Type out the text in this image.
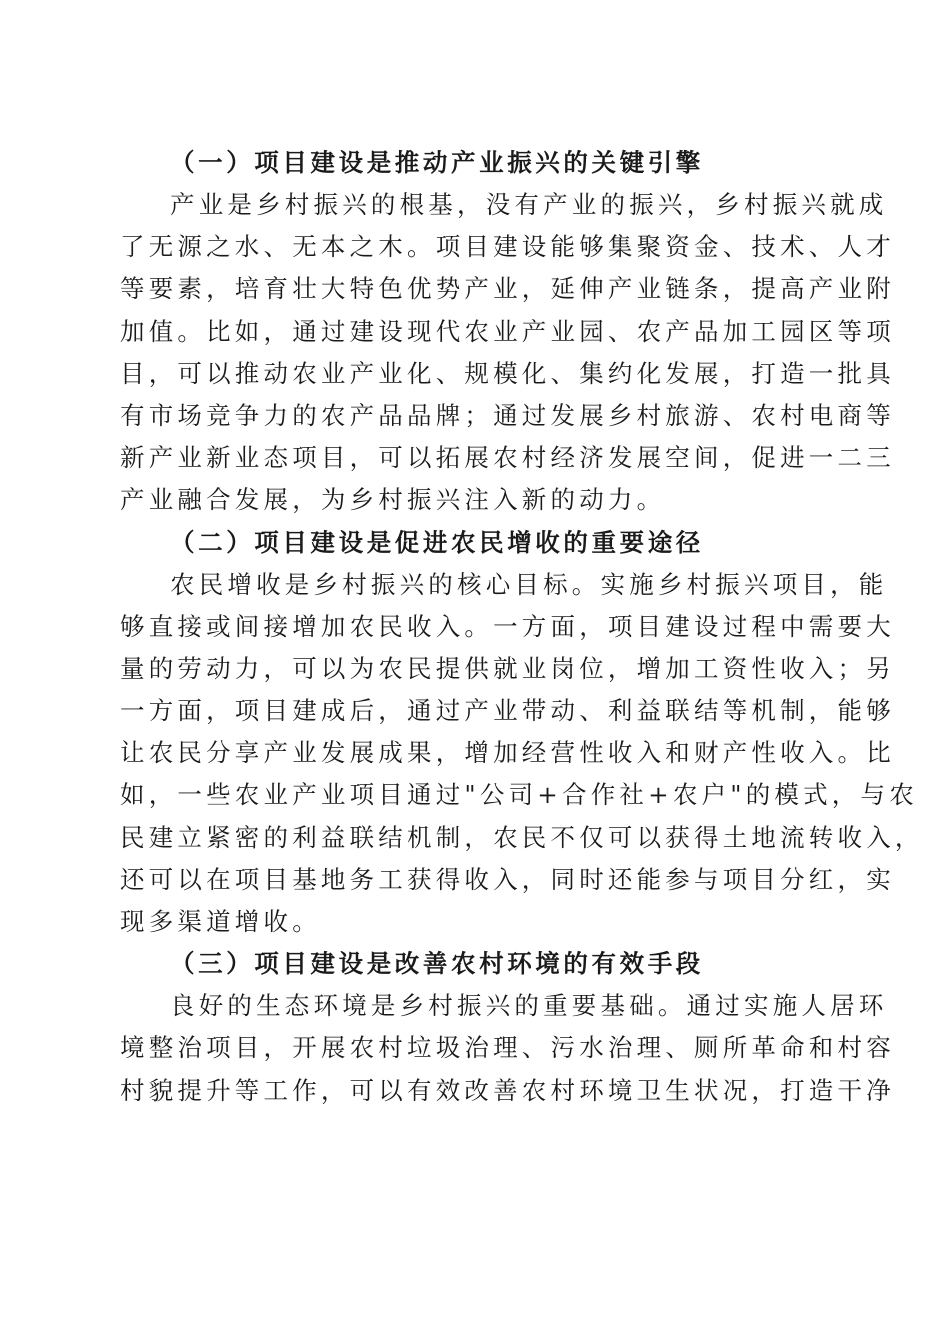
（一）项目建设是推动产业振兴的关键引擎

产业是乡村振兴的根基，没有产业的振兴，乡村振兴就成

了无源之水、无本之木。项目建设能够集聚资金、技术、人才

等要素，培育壮大特色优势产业，延伸产业链条，提高产业附

加值。比如，通过建设现代农业产业园、农产品加工园区等项

目，可以推动农业产业化、规模化、集约化发展，打造一批具

有市场竞争力的农产品品牌；通过发展乡村旅游、农村电商等

新产业新业态项目，可以拓展农村经济发展空间，促进一二三

产业融合发展，为乡村振兴注入新的动力。

（二）项目建设是促进农民增收的重要途径

农民增收是乡村振兴的核心目标。实施乡村振兴项目，能

够直接或间接增加农民收入。一方面，项目建设过程中需要大

量的劳动力，可以为农民提供就业岗位，增加工资性收入；另

一方面，项目建成后，通过产业带动、利益联结等机制，能够

让农民分享产业发展成果，增加经营性收入和财产性收入。比

如，一些农业产业项目通过"公司+合作社+农户"的模式，与农

民建立紧密的利益联结机制，农民不仅可以获得土地流转收入，

还可以在项目基地务工获得收入，同时还能参与项目分红，实

现多渠道增收。

（三）项目建设是改善农村环境的有效手段

良好的生态环境是乡村振兴的重要基础。通过实施人居环

境整治项目，开展农村垃圾治理、污水治理、厕所革命和村容

村貌提升等工作，可以有效改善农村环境卫生状况，打造干净
